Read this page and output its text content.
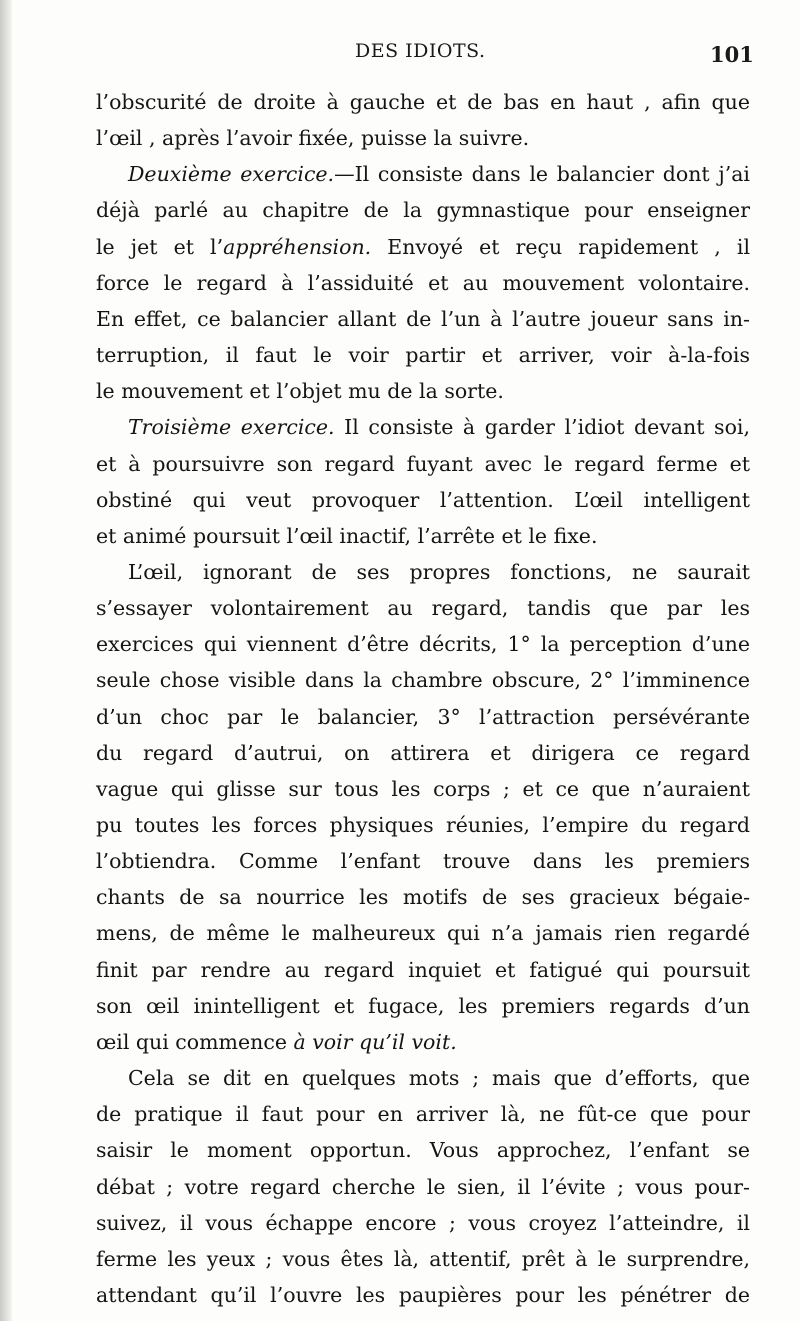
DES IDIOTS.	101
l’obscurité de droite à gauche et de bas en haut , afin que
l’œil , après l’avoir fixée, puisse la suivre.
Deuxième exercice.—Il consiste dans le balancier dont j’ai
déjà parlé au chapitre de la gymnastique pour enseigner
le jet et l’appréhension. Envoyé et reçu rapidement , il
force le regard à l’assiduité et au mouvement volontaire.
En effet, ce balancier allant de l’un à l’autre joueur sans in-
terruption, il faut le voir partir et arriver, voir à-la-fois
le mouvement et l’objet mu de la sorte.
Troisième exercice. Il consiste à garder l’idiot devant soi,
et à poursuivre son regard fuyant avec le regard ferme et
obstiné qui veut provoquer l’attention. L’œil intelligent
et animé poursuit l’œil inactif, l’arrête et le fixe.
L’œil, ignorant de ses propres fonctions, ne saurait
s’essayer volontairement au regard, tandis que par les
exercices qui viennent d’être décrits, 1° la perception d’une
seule chose visible dans la chambre obscure, 2° l’imminence
d’un choc par le balancier, 3° l’attraction persévérante
du regard d’autrui, on attirera et dirigera ce regard
vague qui glisse sur tous les corps ; et ce que n’auraient
pu toutes les forces physiques réunies, l’empire du regard
l’obtiendra. Comme l’enfant trouve dans les premiers
chants de sa nourrice les motifs de ses gracieux bégaie-
mens, de même le malheureux qui n’a jamais rien regardé
finit par rendre au regard inquiet et fatigué qui poursuit
son œil inintelligent et fugace, les premiers regards d’un
œil qui commence à voir qu’il voit.
Cela se dit en quelques mots ; mais que d’efforts, que
de pratique il faut pour en arriver là, ne fût-ce que pour
saisir le moment opportun. Vous approchez, l’enfant se
débat ; votre regard cherche le sien, il l’évite ; vous pour-
suivez, il vous échappe encore ; vous croyez l’atteindre, il
ferme les yeux ; vous êtes là, attentif, prêt à le surprendre,
attendant qu’il l’ouvre les paupières pour les pénétrer de
